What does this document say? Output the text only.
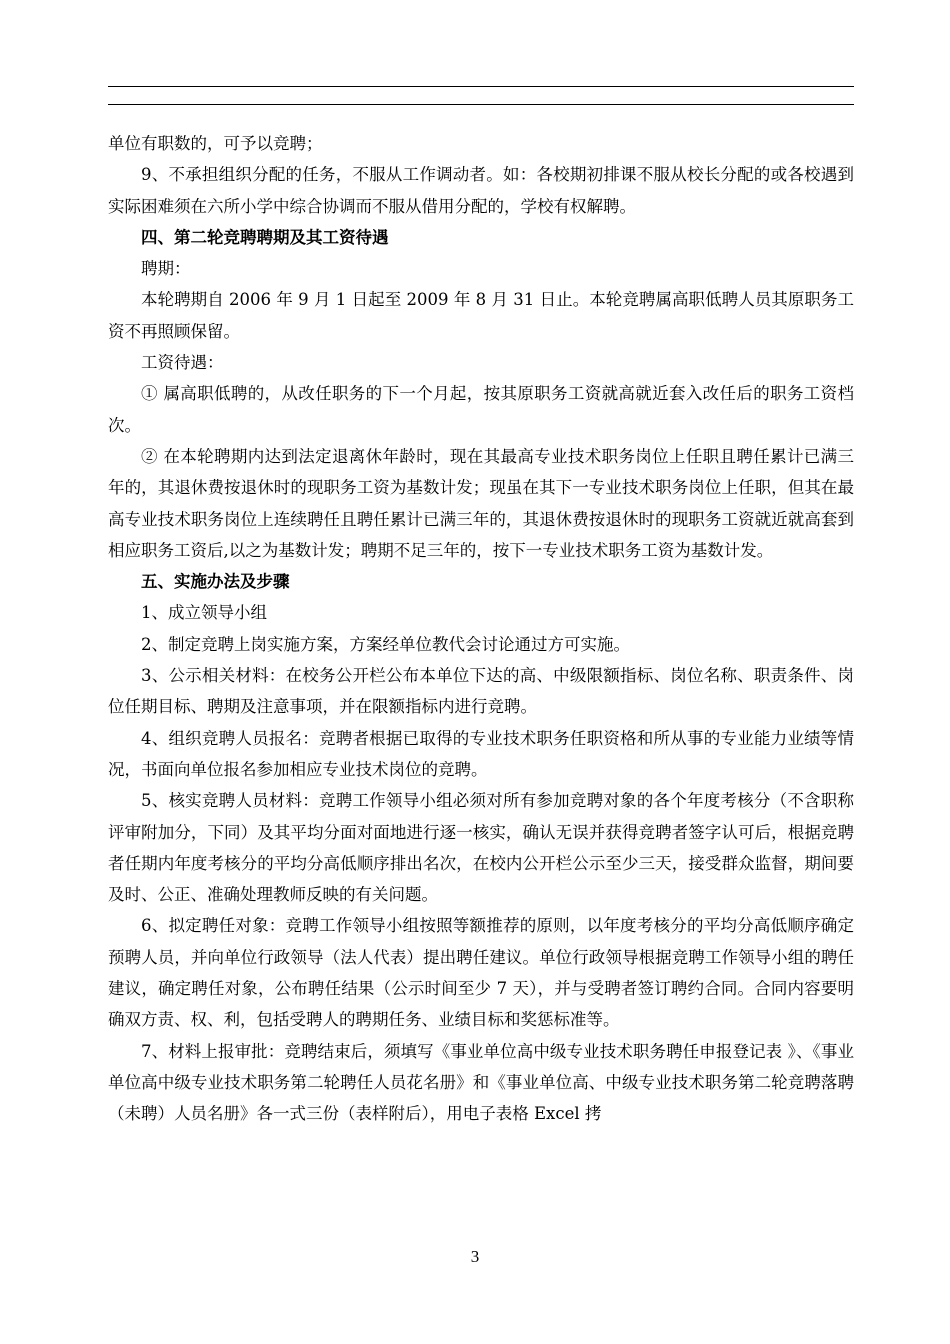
单位有职数的，可予以竞聘；

9、不承担组织分配的任务，不服从工作调动者。如：各校期初排课不服从校长分配的或各校遇到实际困难须在六所小学中综合协调而不服从借用分配的，学校有权解聘。

四、第二轮竞聘聘期及其工资待遇

聘期：

本轮聘期自 2006 年 9 月 1 日起至 2009 年 8 月 31 日止。本轮竞聘属高职低聘人员其原职务工资不再照顾保留。

工资待遇：

① 属高职低聘的，从改任职务的下一个月起，按其原职务工资就高就近套入改任后的职务工资档次。

② 在本轮聘期内达到法定退离休年龄时，现在其最高专业技术职务岗位上任职且聘任累计已满三年的，其退休费按退休时的现职务工资为基数计发；现虽在其下一专业技术职务岗位上任职，但其在最高专业技术职务岗位上连续聘任且聘任累计已满三年的，其退休费按退休时的现职务工资就近就高套到相应职务工资后,以之为基数计发；聘期不足三年的，按下一专业技术职务工资为基数计发。

五、实施办法及步骤

1、成立领导小组

2、制定竞聘上岗实施方案，方案经单位教代会讨论通过方可实施。

3、公示相关材料：在校务公开栏公布本单位下达的高、中级限额指标、岗位名称、职责条件、岗位任期目标、聘期及注意事项，并在限额指标内进行竞聘。

4、组织竞聘人员报名：竞聘者根据已取得的专业技术职务任职资格和所从事的专业能力业绩等情况，书面向单位报名参加相应专业技术岗位的竞聘。

5、核实竞聘人员材料：竞聘工作领导小组必须对所有参加竞聘对象的各个年度考核分（不含职称评审附加分，下同）及其平均分面对面地进行逐一核实，确认无误并获得竞聘者签字认可后，根据竞聘者任期内年度考核分的平均分高低顺序排出名次，在校内公开栏公示至少三天，接受群众监督，期间要及时、公正、准确处理教师反映的有关问题。

6、拟定聘任对象：竞聘工作领导小组按照等额推荐的原则，以年度考核分的平均分高低顺序确定预聘人员，并向单位行政领导（法人代表）提出聘任建议。单位行政领导根据竞聘工作领导小组的聘任建议，确定聘任对象，公布聘任结果（公示时间至少 7 天），并与受聘者签订聘约合同。合同内容要明确双方责、权、利，包括受聘人的聘期任务、业绩目标和奖惩标准等。

7、材料上报审批：竞聘结束后，须填写《事业单位高中级专业技术职务聘任申报登记表 》、《事业单位高中级专业技术职务第二轮聘任人员花名册》和《事业单位高、中级专业技术职务第二轮竞聘落聘（未聘）人员名册》各一式三份（表样附后），用电子表格 Excel 拷

3
